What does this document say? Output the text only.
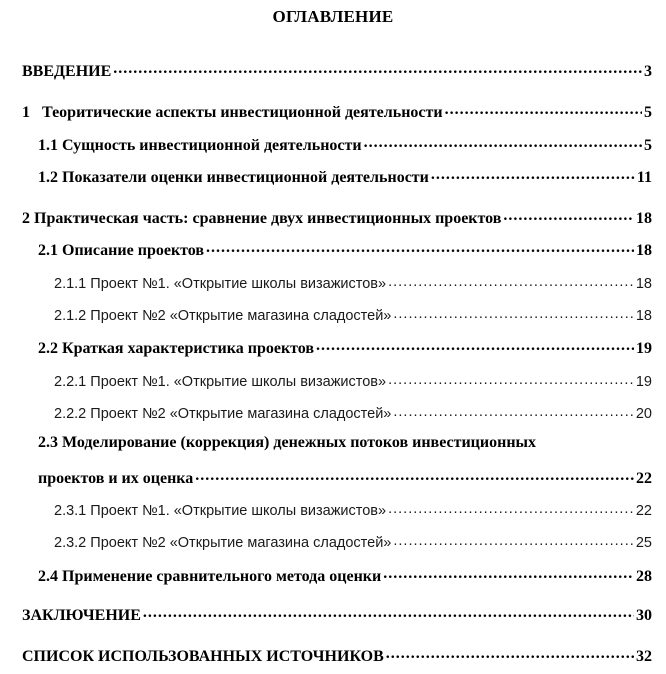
ОГЛАВЛЕНИЕ
ВВЕДЕНИЕ .....	3
1   Теоритические аспекты инвестиционной деятельности .....	5
1.1 Сущность инвестиционной деятельности .....	5
1.2 Показатели оценки инвестиционной деятельности .....	11
2 Практическая часть: сравнение двух инвестиционных проектов .....	18
2.1 Описание проектов .....	18
2.1.1 Проект №1. «Открытие школы визажистов» .....	18
2.1.2 Проект №2 «Открытие магазина сладостей» .....	18
2.2 Краткая характеристика проектов .....	19
2.2.1 Проект №1. «Открытие школы визажистов» .....	19
2.2.2 Проект №2 «Открытие магазина сладостей» .....	20
2.3 Моделирование (коррекция) денежных потоков инвестиционных
проектов и их оценка .....	22
2.3.1 Проект №1. «Открытие школы визажистов» .....	22
2.3.2 Проект №2 «Открытие магазина сладостей» .....	25
2.4 Применение сравнительного метода оценки .....	28
ЗАКЛЮЧЕНИЕ .....	30
СПИСОК ИСПОЛЬЗОВАННЫХ ИСТОЧНИКОВ .....	32
